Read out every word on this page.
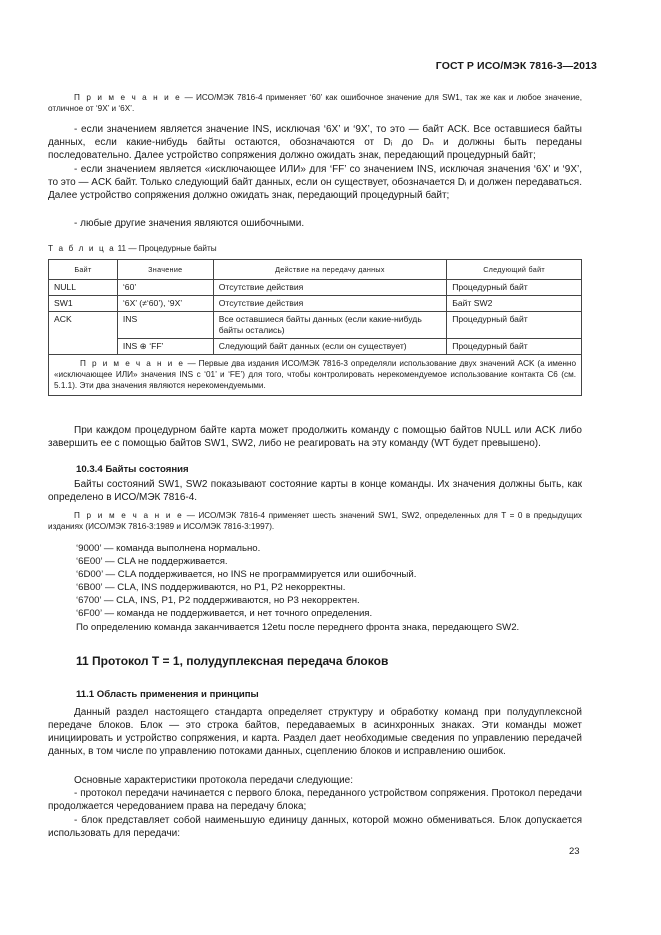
ГОСТ Р ИСО/МЭК 7816-3—2013

П р и м е ч а н и е — ИСО/МЭК 7816-4 применяет ‘60’ как ошибочное значение для SW1, так же как и любое значение, отличное от ‘9X’ и ‘6X’.

- если значением является значение INS, исключая ‘6X’ и ‘9X’, то это — байт АСК. Все оставшиеся байты данных, если какие-нибудь байты остаются, обозначаются от Dᵢ до Dₙ и должны быть переданы последовательно. Далее устройство сопряжения должно ожидать знак, передающий процедурный байт;

- если значением является «исключающее ИЛИ» для ‘FF’ со значением INS, исключая значения ‘6X’ и ‘9X’, то это — ACK байт. Только следующий байт данных, если он существует, обозначается Dᵢ и должен передаваться. Далее устройство сопряжения должно ожидать знак, передающий процедурный байт;

- любые другие значения являются ошибочными.

Т а б л и ц а 11 — Процедурные байты

Байт	Значение	Действие на передачу данных	Следующий байт
NULL	‘60’	Отсутствие действия	Процедурный байт
SW1	‘6X’ (≠‘60’), ‘9X’	Отсутствие действия	Байт SW2
ACK	INS	Все оставшиеся байты данных (если какие-нибудь байты остались)	Процедурный байт
	INS ⊕ ‘FF’	Следующий байт данных (если он существует)	Процедурный байт
П р и м е ч а н и е — Первые два издания ИСО/МЭК 7816-3 определяли использование двух значений ACK (а именно «исключающее ИЛИ» значения INS с ‘01’ и ‘FE’) для того, чтобы контролировать нерекомендуемое использование контакта С6 (см. 5.1.1). Эти два значения являются нерекомендуемыми.			

При каждом процедурном байте карта может продолжить команду с помощью байтов NULL или ACK либо завершить ее с помощью байтов SW1, SW2, либо не реагировать на эту команду (WT будет превышено).

10.3.4 Байты состояния

Байты состояний SW1, SW2 показывают состояние карты в конце команды. Их значения должны быть, как определено в ИСО/МЭК 7816-4.

П р и м е ч а н и е — ИСО/МЭК 7816-4 применяет шесть значений SW1, SW2, определенных для T = 0 в предыдущих изданиях (ИСО/МЭК 7816-3:1989 и ИСО/МЭК 7816-3:1997).

‘9000’ — команда выполнена нормально.
‘6E00’ — CLA не поддерживается.
‘6D00’ — CLA поддерживается, но INS не программируется или ошибочный.
‘6B00’ — CLA, INS поддерживаются, но P1, P2 некорректны.
‘6700’ — CLA, INS, P1, P2 поддерживаются, но P3 некорректен.
‘6F00’ — команда не поддерживается, и нет точного определения.
По определению команда заканчивается 12etu после переднего фронта знака, передающего SW2.
11 Протокол T = 1, полудуплексная передача блоков
11.1 Область применения и принципы

Данный раздел настоящего стандарта определяет структуру и обработку команд при полудуплексной передаче блоков. Блок — это строка байтов, передаваемых в асинхронных знаках. Эти команды может инициировать и устройство сопряжения, и карта. Раздел дает необходимые сведения по управлению передачей данных, в том числе по управлению потоками данных, сцеплению блоков и исправлению ошибок.

Основные характеристики протокола передачи следующие:

- протокол передачи начинается с первого блока, переданного устройством сопряжения. Протокол передачи продолжается чередованием права на передачу блока;

- блок представляет собой наименьшую единицу данных, которой можно обмениваться. Блок допускается использовать для передачи:

23
